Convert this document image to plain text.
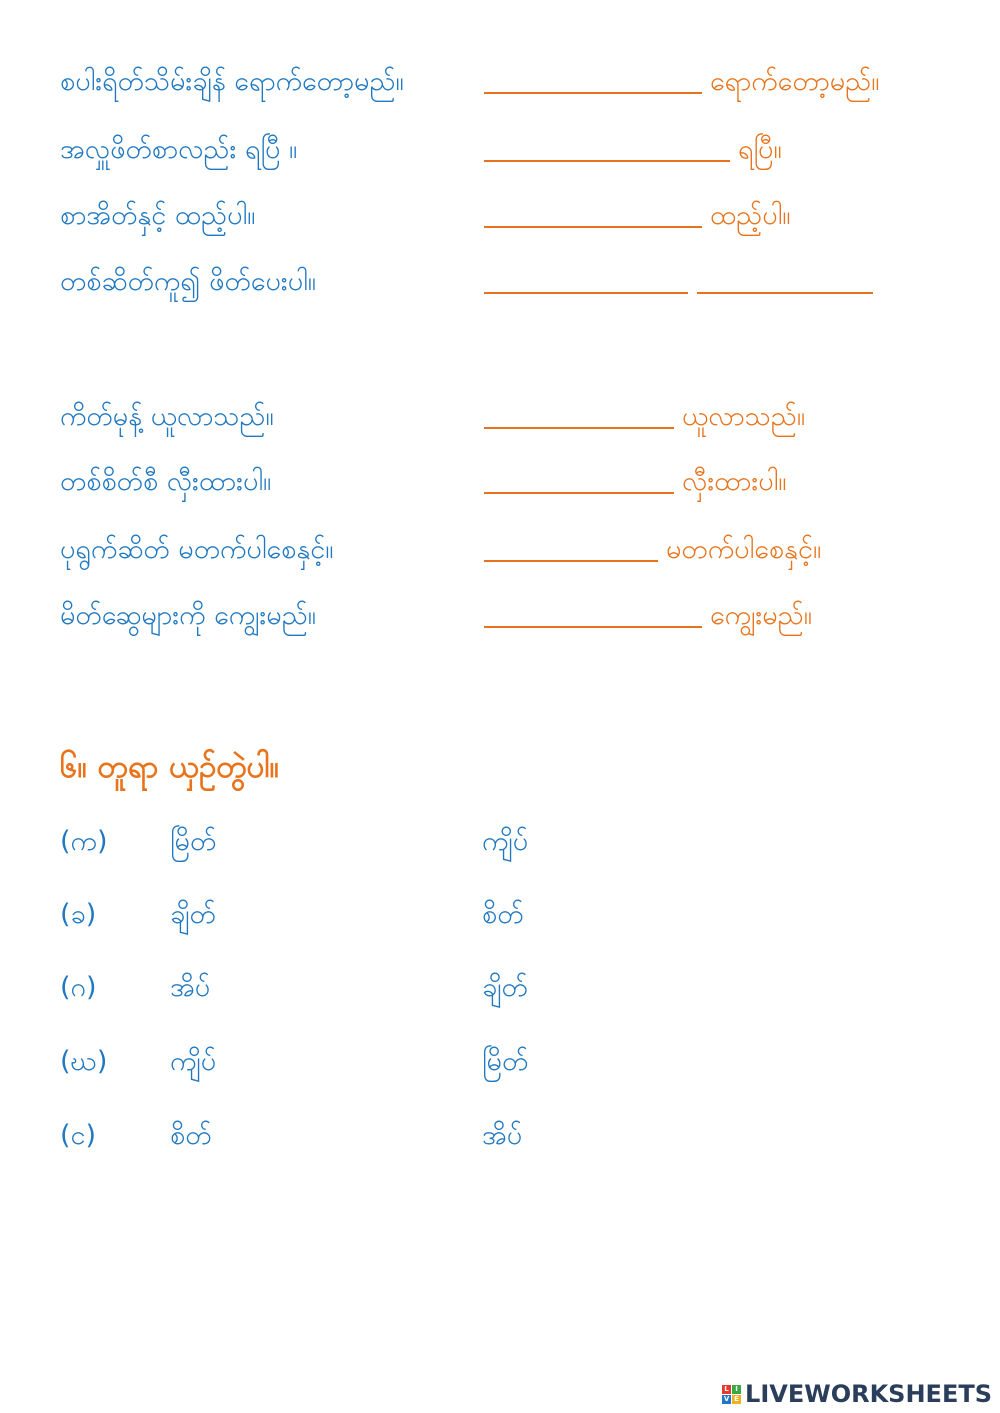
စပါးရိတ်သိမ်းချိန် ရောက်တော့မည်။	ရောက်တော့မည်။
အလှူဖိတ်စာလည်း ရပြီ ။	ရပြီ။
စာအိတ်နှင့် ထည့်ပါ။	ထည့်ပါ။
တစ်ဆိတ်ကူ၍ ဖိတ်ပေးပါ။
ကိတ်မုန့် ယူလာသည်။	ယူလာသည်။
တစ်စိတ်စီ လှီးထားပါ။	လှီးထားပါ။
ပုရွက်ဆိတ် မတက်ပါစေနှင့်။	မတက်ပါစေနှင့်။
မိတ်ဆွေများကို ကျွေးမည်။	ကျွေးမည်။
၆။ တူရာ ယှဉ်တွဲပါ။
(က) မြိတ်	ကျိပ်
(ခ)	ချိတ်	စိတ်
(ဂ)	အိပ်	ချိတ်
(ဃ) ကျိပ်	မြိတ်
(င)	စိတ်	အိပ်
L I
V E LIVEWORKSHEETS
